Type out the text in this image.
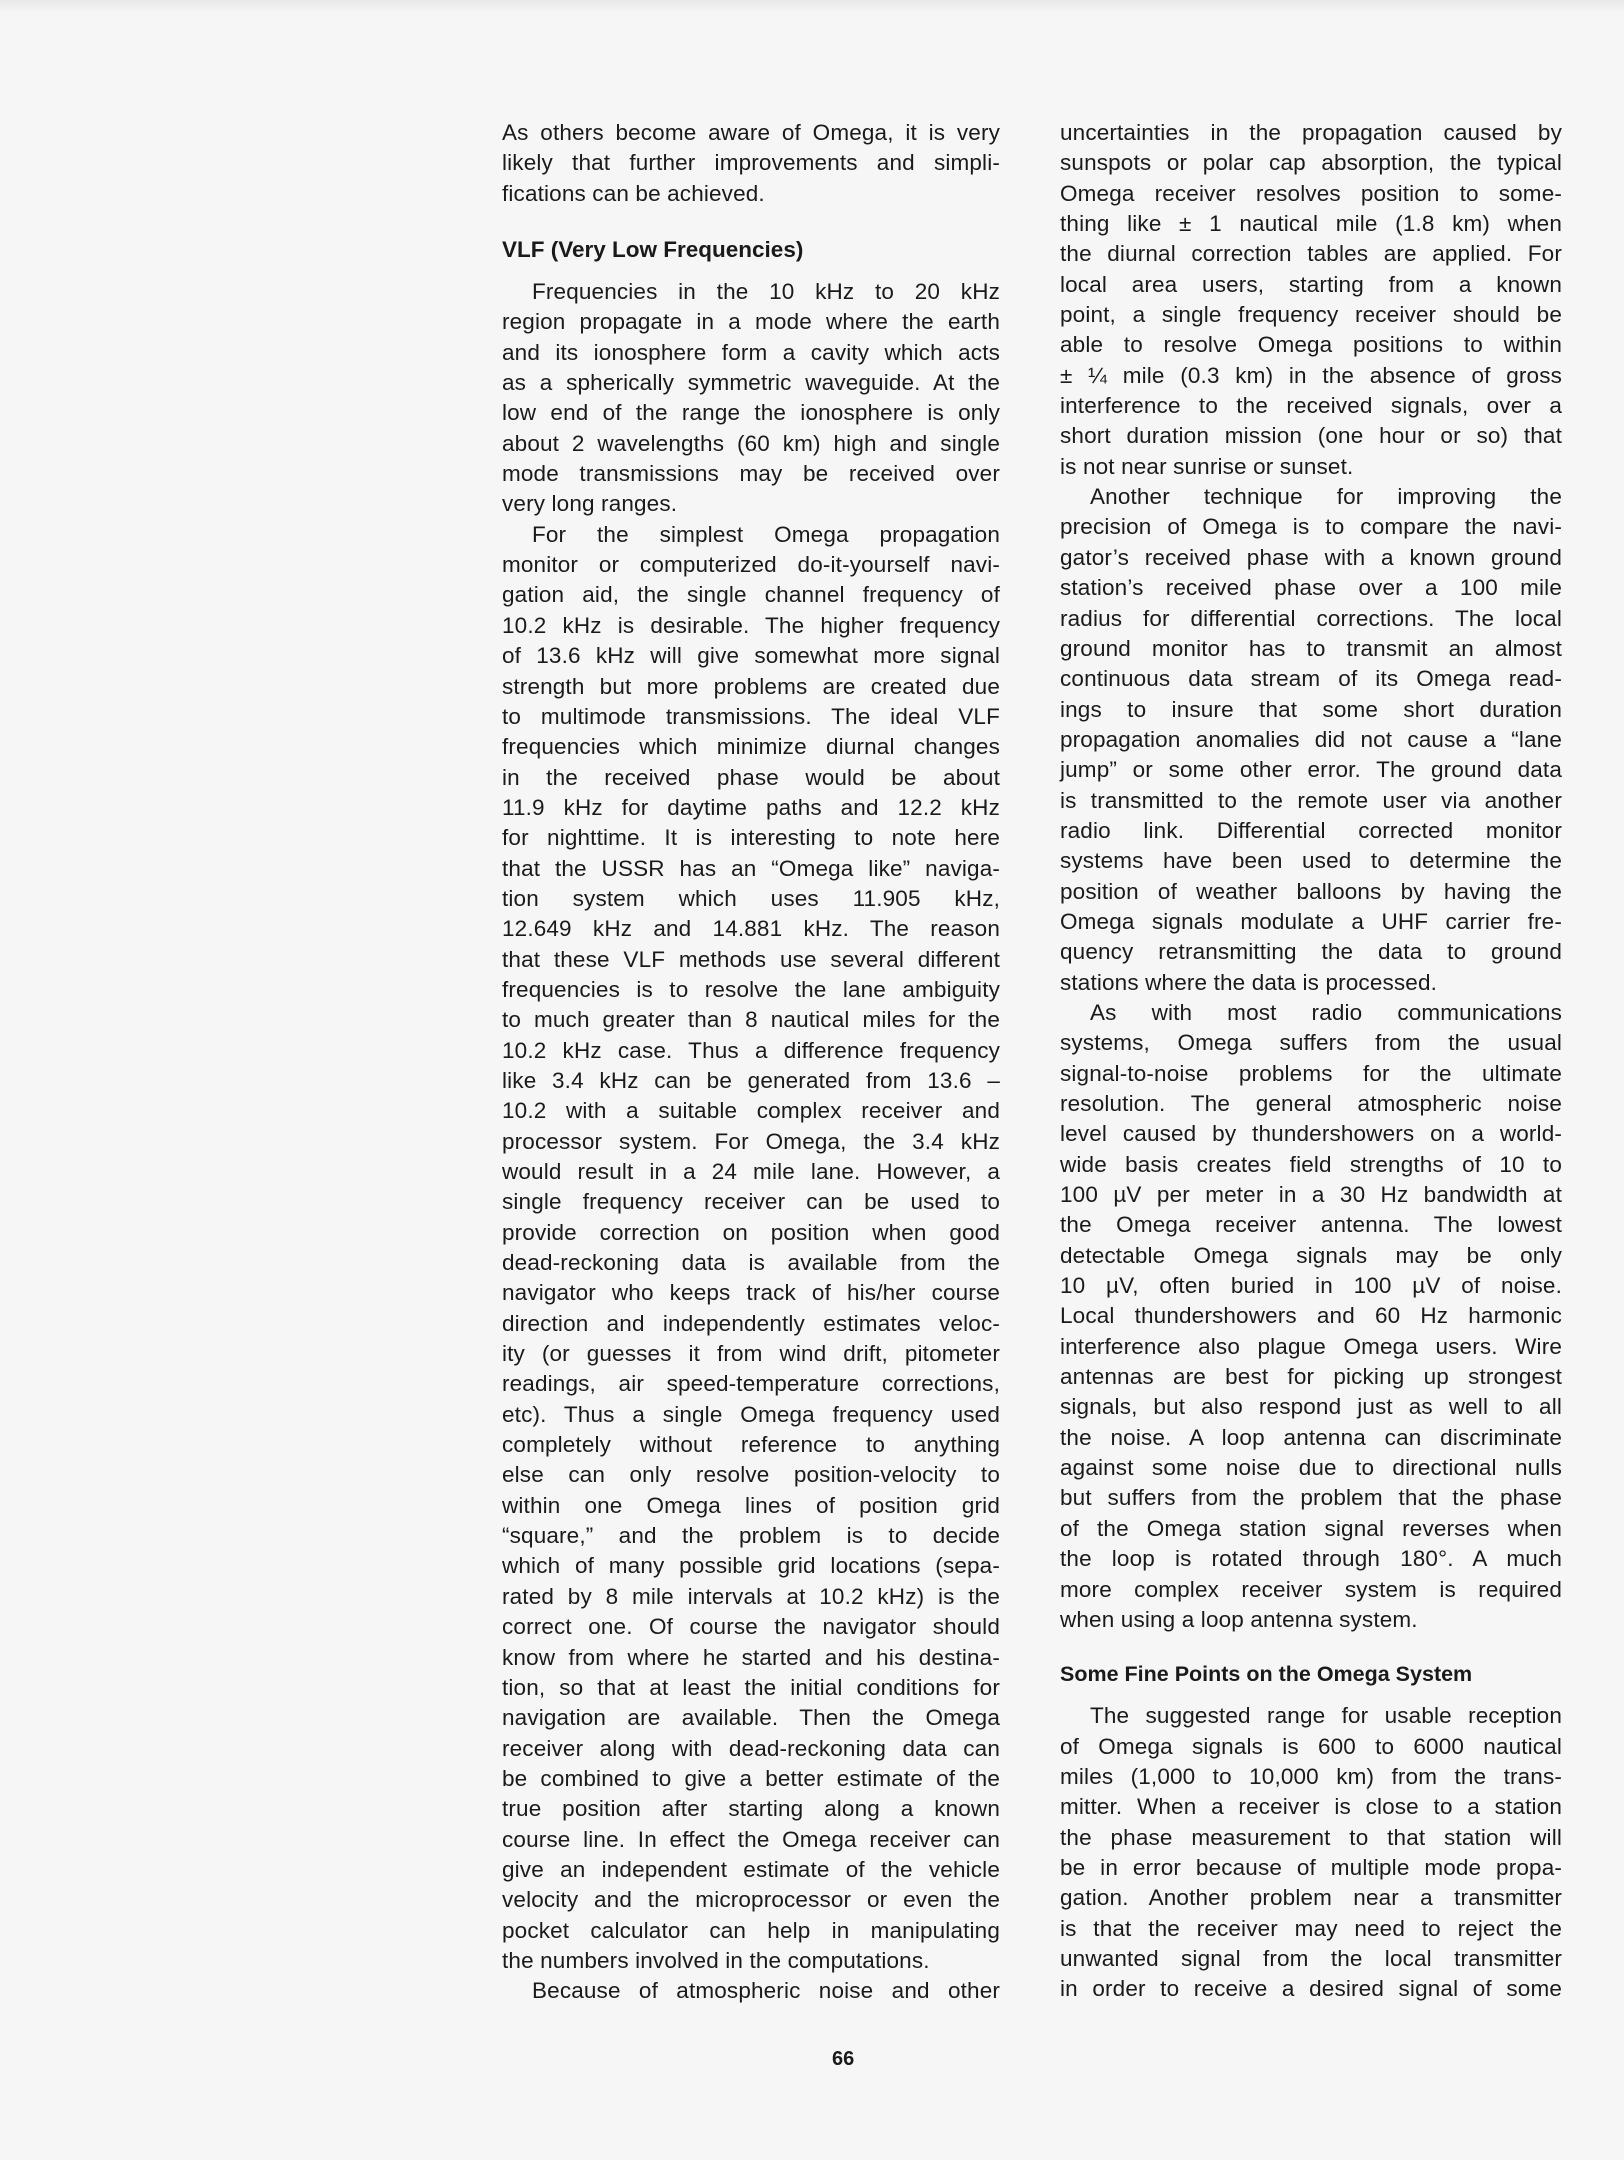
As others become aware of Omega, it is very
likely that further improvements and simpli-
fications can be achieved.
VLF (Very Low Frequencies)
Frequencies in the 10 kHz to 20 kHz
region propagate in a mode where the earth
and its ionosphere form a cavity which acts
as a spherically symmetric waveguide. At the
low end of the range the ionosphere is only
about 2 wavelengths (60 km) high and single
mode transmissions may be received over
very long ranges.
For the simplest Omega propagation
monitor or computerized do-it-yourself navi-
gation aid, the single channel frequency of
10.2 kHz is desirable. The higher frequency
of 13.6 kHz will give somewhat more signal
strength but more problems are created due
to multimode transmissions. The ideal VLF
frequencies which minimize diurnal changes
in the received phase would be about
11.9 kHz for daytime paths and 12.2 kHz
for nighttime. It is interesting to note here
that the USSR has an “Omega like” naviga-
tion system which uses 11.905 kHz,
12.649 kHz and 14.881 kHz. The reason
that these VLF methods use several different
frequencies is to resolve the lane ambiguity
to much greater than 8 nautical miles for the
10.2 kHz case. Thus a difference frequency
like 3.4 kHz can be generated from 13.6 –
10.2 with a suitable complex receiver and
processor system. For Omega, the 3.4 kHz
would result in a 24 mile lane. However, a
single frequency receiver can be used to
provide correction on position when good
dead-reckoning data is available from the
navigator who keeps track of his/her course
direction and independently estimates veloc-
ity (or guesses it from wind drift, pitometer
readings, air speed-temperature corrections,
etc). Thus a single Omega frequency used
completely without reference to anything
else can only resolve position-velocity to
within one Omega lines of position grid
“square,” and the problem is to decide
which of many possible grid locations (sepa-
rated by 8 mile intervals at 10.2 kHz) is the
correct one. Of course the navigator should
know from where he started and his destina-
tion, so that at least the initial conditions for
navigation are available. Then the Omega
receiver along with dead-reckoning data can
be combined to give a better estimate of the
true position after starting along a known
course line. In effect the Omega receiver can
give an independent estimate of the vehicle
velocity and the microprocessor or even the
pocket calculator can help in manipulating
the numbers involved in the computations.
Because of atmospheric noise and other
uncertainties in the propagation caused by
sunspots or polar cap absorption, the typical
Omega receiver resolves position to some-
thing like ± 1 nautical mile (1.8 km) when
the diurnal correction tables are applied. For
local area users, starting from a known
point, a single frequency receiver should be
able to resolve Omega positions to within
± ¼ mile (0.3 km) in the absence of gross
interference to the received signals, over a
short duration mission (one hour or so) that
is not near sunrise or sunset.
Another technique for improving the
precision of Omega is to compare the navi-
gator’s received phase with a known ground
station’s received phase over a 100 mile
radius for differential corrections. The local
ground monitor has to transmit an almost
continuous data stream of its Omega read-
ings to insure that some short duration
propagation anomalies did not cause a “lane
jump” or some other error. The ground data
is transmitted to the remote user via another
radio link. Differential corrected monitor
systems have been used to determine the
position of weather balloons by having the
Omega signals modulate a UHF carrier fre-
quency retransmitting the data to ground
stations where the data is processed.
As with most radio communications
systems, Omega suffers from the usual
signal-to-noise problems for the ultimate
resolution. The general atmospheric noise
level caused by thundershowers on a world-
wide basis creates field strengths of 10 to
100 µV per meter in a 30 Hz bandwidth at
the Omega receiver antenna. The lowest
detectable Omega signals may be only
10 µV, often buried in 100 µV of noise.
Local thundershowers and 60 Hz harmonic
interference also plague Omega users. Wire
antennas are best for picking up strongest
signals, but also respond just as well to all
the noise. A loop antenna can discriminate
against some noise due to directional nulls
but suffers from the problem that the phase
of the Omega station signal reverses when
the loop is rotated through 180°. A much
more complex receiver system is required
when using a loop antenna system.
Some Fine Points on the Omega System
The suggested range for usable reception
of Omega signals is 600 to 6000 nautical
miles (1,000 to 10,000 km) from the trans-
mitter. When a receiver is close to a station
the phase measurement to that station will
be in error because of multiple mode propa-
gation. Another problem near a transmitter
is that the receiver may need to reject the
unwanted signal from the local transmitter
in order to receive a desired signal of some
66
